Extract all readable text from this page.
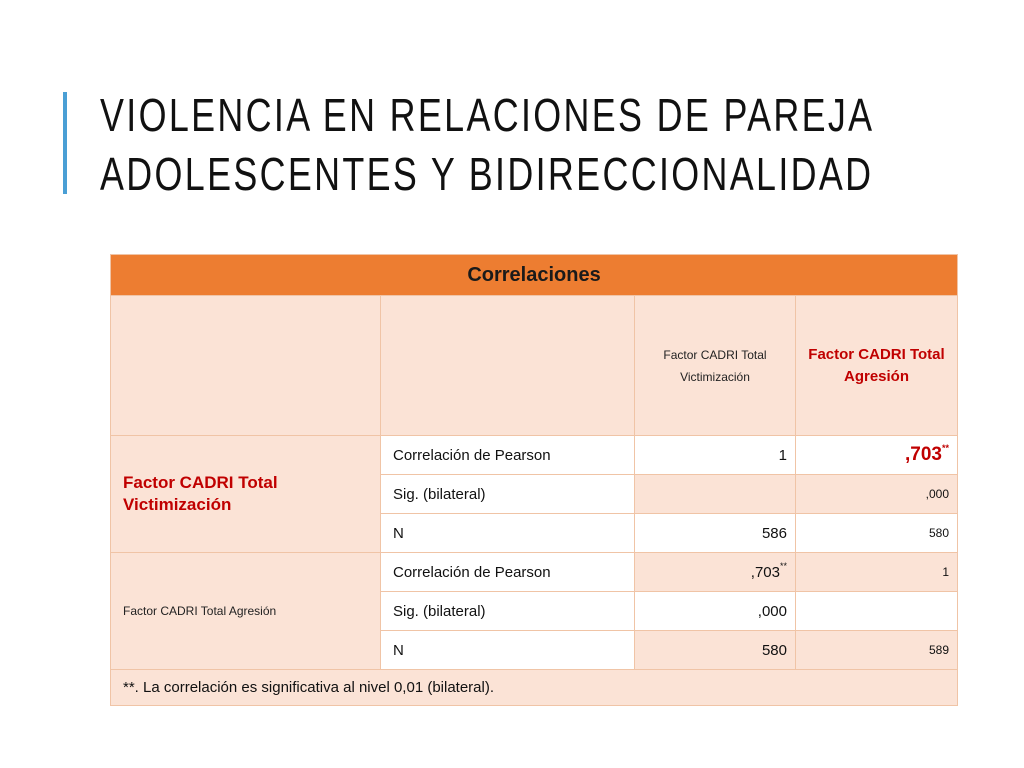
VIOLENCIA EN RELACIONES DE PAREJA
ADOLESCENTES Y BIDIRECCIONALIDAD
Correlaciones			
		Factor CADRI Total Victimización	Factor CADRI Total Agresión
Factor CADRI Total Victimización	Correlación de Pearson	1	,703**
	Sig. (bilateral)		,000
	N	586	580
Factor CADRI Total Agresión	Correlación de Pearson	,703**	1
	Sig. (bilateral)	,000	
	N	580	589
**. La correlación es significativa al nivel 0,01 (bilateral).			
